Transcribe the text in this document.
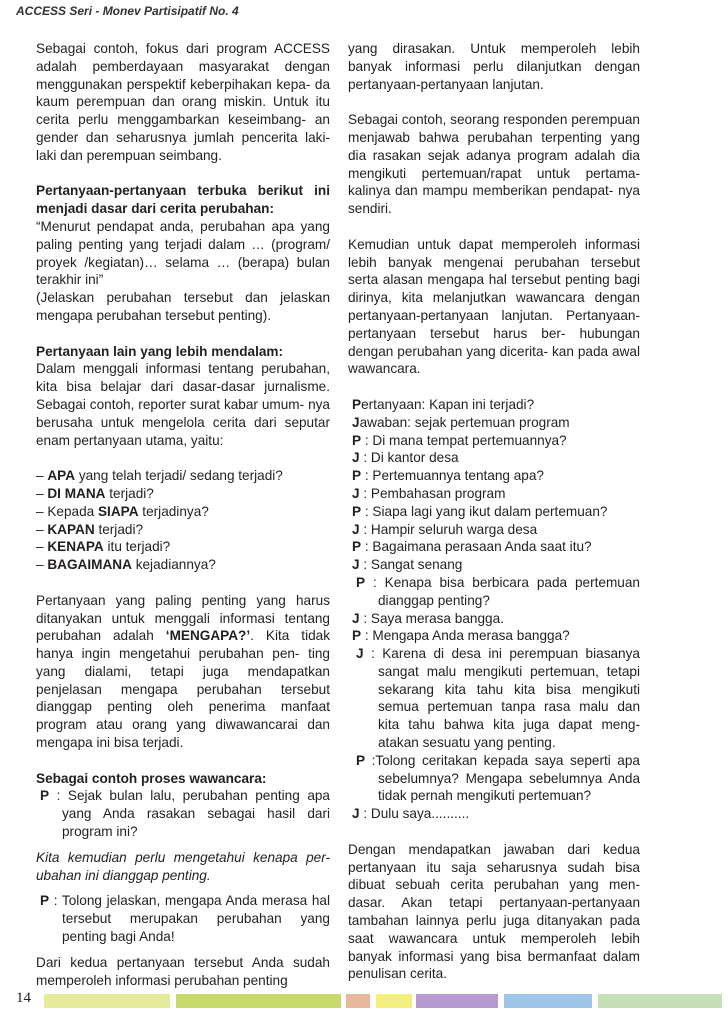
ACCESS Seri - Monev Partisipatif No. 4

Sebagai contoh, fokus dari program ACCESS adalah pemberdayaan masyarakat dengan menggunakan perspektif keberpihakan kepa- da kaum perempuan dan orang miskin. Untuk itu cerita perlu menggambarkan keseimbang- an gender dan seharusnya jumlah pencerita laki-laki dan perempuan seimbang.

Pertanyaan-pertanyaan terbuka berikut ini menjadi dasar dari cerita perubahan:

“Menurut pendapat anda, perubahan apa yang paling penting yang terjadi dalam … (program/ proyek /kegiatan)… selama … (berapa) bulan terakhir ini”

(Jelaskan perubahan tersebut dan jelaskan mengapa perubahan tersebut penting).

Pertanyaan lain yang lebih mendalam:

Dalam menggali informasi tentang perubahan, kita bisa belajar dari dasar-dasar jurnalisme. Sebagai contoh, reporter surat kabar umum- nya berusaha untuk mengelola cerita dari seputar enam pertanyaan utama, yaitu:

– APA yang telah terjadi/ sedang terjadi?

– DI MANA terjadi?

– Kepada SIAPA terjadinya?

– KAPAN terjadi?

– KENAPA itu terjadi?

– BAGAIMANA kejadiannya?

Pertanyaan yang paling penting yang harus ditanyakan untuk menggali informasi tentang perubahan adalah ‘MENGAPA?’. Kita tidak hanya ingin mengetahui perubahan pen- ting yang dialami, tetapi juga mendapatkan penjelasan mengapa perubahan tersebut dianggap penting oleh penerima manfaat program atau orang yang diwawancarai dan mengapa ini bisa terjadi.

Sebagai contoh proses wawancara:

P : Sejak bulan lalu, perubahan penting apa yang Anda rasakan sebagai hasil dari program ini?

Kita kemudian perlu mengetahui kenapa per- ubahan ini dianggap penting.

P : Tolong jelaskan, mengapa Anda merasa hal tersebut merupakan perubahan yang penting bagi Anda!

Dari kedua pertanyaan tersebut Anda sudah memperoleh informasi perubahan penting

yang dirasakan. Untuk memperoleh lebih banyak informasi perlu dilanjutkan dengan pertanyaan-pertanyaan lanjutan.

Sebagai contoh, seorang responden perempuan menjawab bahwa perubahan terpenting yang dia rasakan sejak adanya program adalah dia mengikuti pertemuan/rapat untuk pertama- kalinya dan mampu memberikan pendapat- nya sendiri.

Kemudian untuk dapat memperoleh informasi lebih banyak mengenai perubahan tersebut serta alasan mengapa hal tersebut penting bagi dirinya, kita melanjutkan wawancara dengan pertanyaan-pertanyaan lanjutan. Pertanyaan-pertanyaan tersebut harus ber- hubungan dengan perubahan yang dicerita- kan pada awal wawancara.

Pertanyaan: Kapan ini terjadi?

Jawaban: sejak pertemuan program

P : Di mana tempat pertemuannya?

J : Di kantor desa

P : Pertemuannya tentang apa?

J : Pembahasan program

P : Siapa lagi yang ikut dalam pertemuan?

J : Hampir seluruh warga desa

P : Bagaimana perasaan Anda saat itu?

J : Sangat senang

P : Kenapa bisa berbicara pada pertemuan dianggap penting?

J : Saya merasa bangga.

P : Mengapa Anda merasa bangga?

J : Karena di desa ini perempuan biasanya sangat malu mengikuti pertemuan, tetapi sekarang kita tahu kita bisa mengikuti semua pertemuan tanpa rasa malu dan kita tahu bahwa kita juga dapat meng- atakan sesuatu yang penting.

P :Tolong ceritakan kepada saya seperti apa sebelumnya? Mengapa sebelumnya Anda tidak pernah mengikuti pertemuan?

J : Dulu saya..........

Dengan mendapatkan jawaban dari kedua pertanyaan itu saja seharusnya sudah bisa dibuat sebuah cerita perubahan yang men- dasar. Akan tetapi pertanyaan-pertanyaan tambahan lainnya perlu juga ditanyakan pada saat wawancara untuk memperoleh lebih banyak informasi yang bisa bermanfaat dalam penulisan cerita.

14
